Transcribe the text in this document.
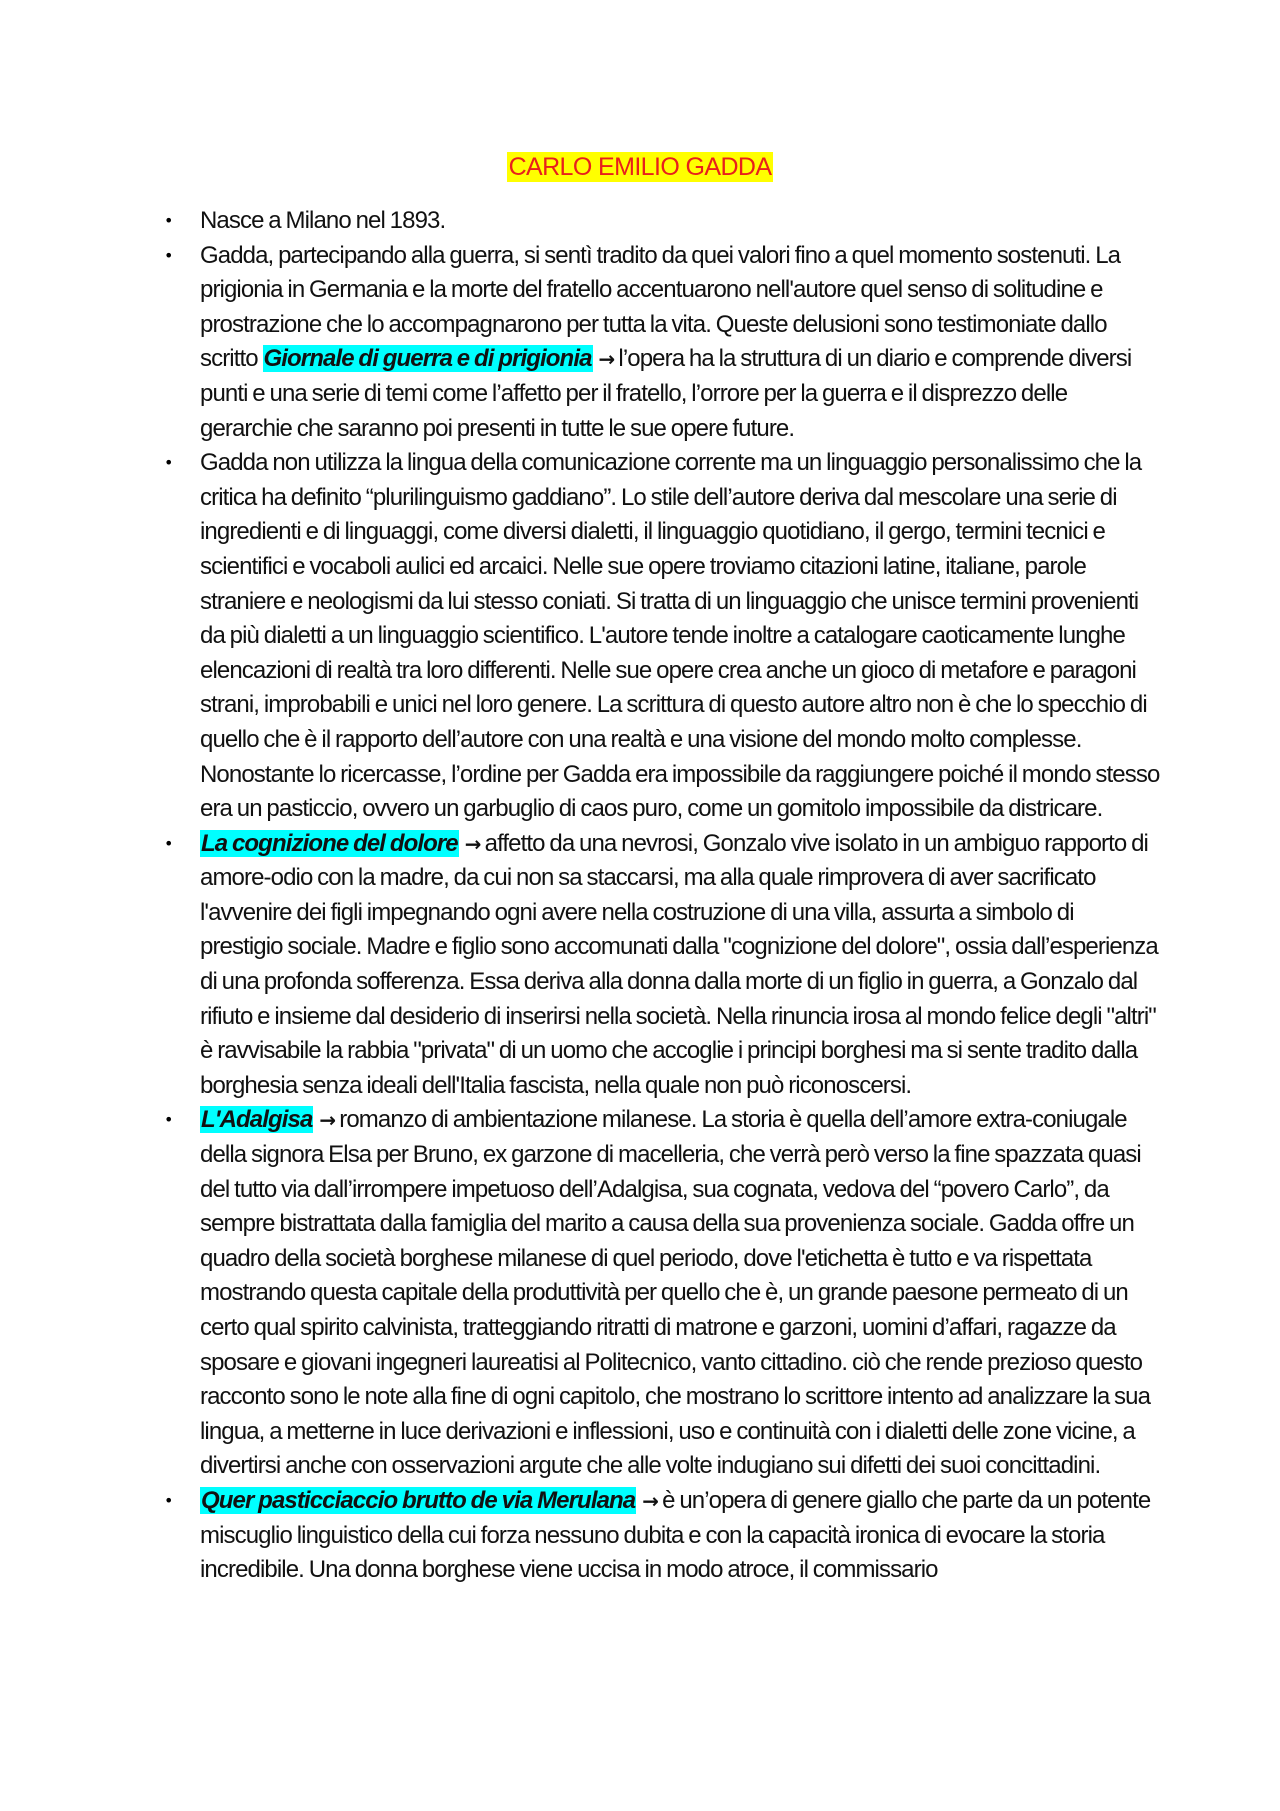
CARLO EMILIO GADDA
• Nasce a Milano nel 1893.
• Gadda, partecipando alla guerra, si sentì tradito da quei valori fino a quel momento sostenuti. La prigionia in Germania e la morte del fratello accentuarono nell'autore quel senso di solitudine e prostrazione che lo accompagnarono per tutta la vita. Queste delusioni sono testimoniate dallo scritto Giornale di guerra e di prigionia → l’opera ha la struttura di un diario e comprende diversi punti e una serie di temi come l’affetto per il fratello, l’orrore per la guerra e il disprezzo delle gerarchie che saranno poi presenti in tutte le sue opere future.
• Gadda non utilizza la lingua della comunicazione corrente ma un linguaggio personalissimo che la critica ha definito “plurilinguismo gaddiano”. Lo stile dell’autore deriva dal mescolare una serie di ingredienti e di linguaggi, come diversi dialetti, il linguaggio quotidiano, il gergo, termini tecnici e scientifici e vocaboli aulici ed arcaici. Nelle sue opere troviamo citazioni latine, italiane, parole straniere e neologismi da lui stesso coniati. Si tratta di un linguaggio che unisce termini provenienti da più dialetti a un linguaggio scientifico. L'autore tende inoltre a catalogare caoticamente lunghe elencazioni di realtà tra loro differenti. Nelle sue opere crea anche un gioco di metafore e paragoni strani, improbabili e unici nel loro genere. La scrittura di questo autore altro non è che lo specchio di quello che è il rapporto dell’autore con una realtà e una visione del mondo molto complesse. Nonostante lo ricercasse, l’ordine per Gadda era impossibile da raggiungere poiché il mondo stesso era un pasticcio, ovvero un garbuglio di caos puro, come un gomitolo impossibile da districare.
• La cognizione del dolore → affetto da una nevrosi, Gonzalo vive isolato in un ambiguo rapporto di amore-odio con la madre, da cui non sa staccarsi, ma alla quale rimprovera di aver sacrificato l'avvenire dei figli impegnando ogni avere nella costruzione di una villa, assurta a simbolo di prestigio sociale. Madre e figlio sono accomunati dalla "cognizione del dolore", ossia dall’esperienza di una profonda sofferenza. Essa deriva alla donna dalla morte di un figlio in guerra, a Gonzalo dal rifiuto e insieme dal desiderio di inserirsi nella società. Nella rinuncia irosa al mondo felice degli "altri" è ravvisabile la rabbia "privata" di un uomo che accoglie i principi borghesi ma si sente tradito dalla borghesia senza ideali dell'Italia fascista, nella quale non può riconoscersi.
• L'Adalgisa → romanzo di ambientazione milanese. La storia è quella dell’amore extra-coniugale della signora Elsa per Bruno, ex garzone di macelleria, che verrà però verso la fine spazzata quasi del tutto via dall’irrompere impetuoso dell’Adalgisa, sua cognata, vedova del “povero Carlo”, da sempre bistrattata dalla famiglia del marito a causa della sua provenienza sociale. Gadda offre un quadro della società borghese milanese di quel periodo, dove l'etichetta è tutto e va rispettata mostrando questa capitale della produttività per quello che è, un grande paesone permeato di un certo qual spirito calvinista, tratteggiando ritratti di matrone e garzoni, uomini d’affari, ragazze da sposare e giovani ingegneri laureatisi al Politecnico, vanto cittadino. ciò che rende prezioso questo racconto sono le note alla fine di ogni capitolo, che mostrano lo scrittore intento ad analizzare la sua lingua, a metterne in luce derivazioni e inflessioni, uso e continuità con i dialetti delle zone vicine, a divertirsi anche con osservazioni argute che alle volte indugiano sui difetti dei suoi concittadini.
• Quer pasticciaccio brutto de via Merulana → è un’opera di genere giallo che parte da un potente miscuglio linguistico della cui forza nessuno dubita e con la capacità ironica di evocare la storia incredibile. Una donna borghese viene uccisa in modo atroce, il commissario
